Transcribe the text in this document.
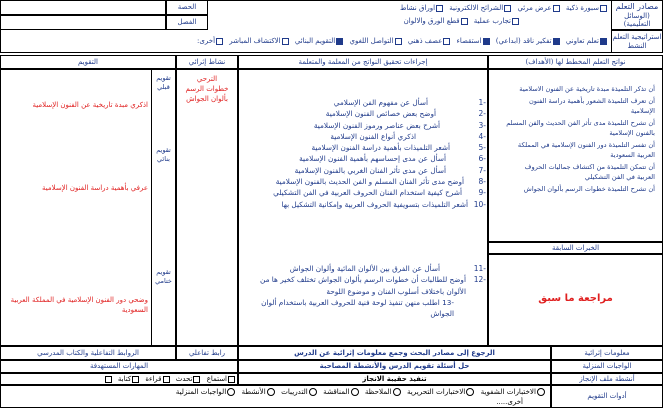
مصادر التعلم
(الوسائل التعليمية)
استراتيجية التعلم
النشط
سبورة ذكية عرض مرئي الشرائح الالكترونية اوراق نشاط
تجارب عملية قطع الورق والالوان
الحصة
الفصل
تعلم تعاوني تفكير ناقد (ابداعي) استقصاء عصف ذهني التواصل اللغوي التقويم البنائي الاكتشاف المباشر أخرى:
نواتج التعلم المخطط لها (الأهداف)
إجراءات تحقيق النواتج من المعلمة والمتعلمة
نشاط إثرائي
التقويم
أن تذكر التلميذة مبدة تاريخية عن الفنون الاسلامية
أن تعرف التلميذة الشعور بأهمية دراسة الفنون الإسلامية
أن تشرح التلميذة مدى تأثر الفن الحديث والفن المسلم بالفنون الإسلامية
أن تفسر التلميذة دور الفنون الإسلامية في المملكة العربية السعودية
أن تتمكن التلميذة من اكتشاف جماليات الحروف العربية في الفن التشكيلي
أن تشرح التلميذة خطوات الرسم بألوان الجواش
الخبرات السابقة
مراجعة ما سبق
-1
-2
-3
-4
-5
-6
-7
-8
-9
-10
أسأل عن مفهوم الفن الإسلامي
أوضح بعض خصائص الفنون الإسلامية
أشرح بعض عناصر ورموز الفنون الإسلامية
اذكري أنواع الفنون الإسلامية
أشعر التلميذات بأهمية دراسة الفنون الإسلامية
أسأل عن مدى إحساسهم بأهمية الفنون الإسلامية
أسأل عن مدى تأثر الفنان الغربي بالفنون الإسلامية
أوضح مدى تأثر الفنان المسلم و الفن الحديث بالفنون الإسلامية
أشرح كيفية استخدام الفنان الحروف العربية في الفن التشكيلي
أشعر التلميذات بتسويفية الحروف العربية وإمكانية التشكيل بها
-11
-12
أسأل عن الفرق بين الألوان المائية وألوان الجواش
أوضح للطالبات أن خطوات الرسم بألوان الجواش تختلف كخير ها من الألوان باختلاف أسلوب الفنان و موضوع اللوحة
-13 اطلب منهن تنفيذ لوحة فنية للحروف العربية باستخدام ألوان الجواش
الترحي
خطوات الرسم
بألوان الجواش
تقويم قبلي
تقويم بنائي
تقويم ختامي
اذكري مبدة تاريخية عن الفنون الإسلامية
عرفي بأهمية دراسة الفنون الإسلامية
وضحي دور الفنون الإسلامية في المملكة العربية السعودية
معلومات إثرائية
الرجوع إلى مصادر البحث وجمع معلومات إثرائية عن الدرس
رابط تفاعلي
الروابط التفاعلية والكتاب المدرسي
الواجبات المنزلية
حل أسئلة تقويم الدرس والأنشطة المصاحبة
المهارات المستهدفة
أنشطة ملف الإنجاز
تنفيذ حقيبة الانجاز
استماع تحدث قراءة كتابة
أدوات التقويم
الاختبارات الشفوية الاختبارات التحريرية الملاحظة المناقشة التدريبات الأنشطة الواجبات المنزلية
أخرى.....
